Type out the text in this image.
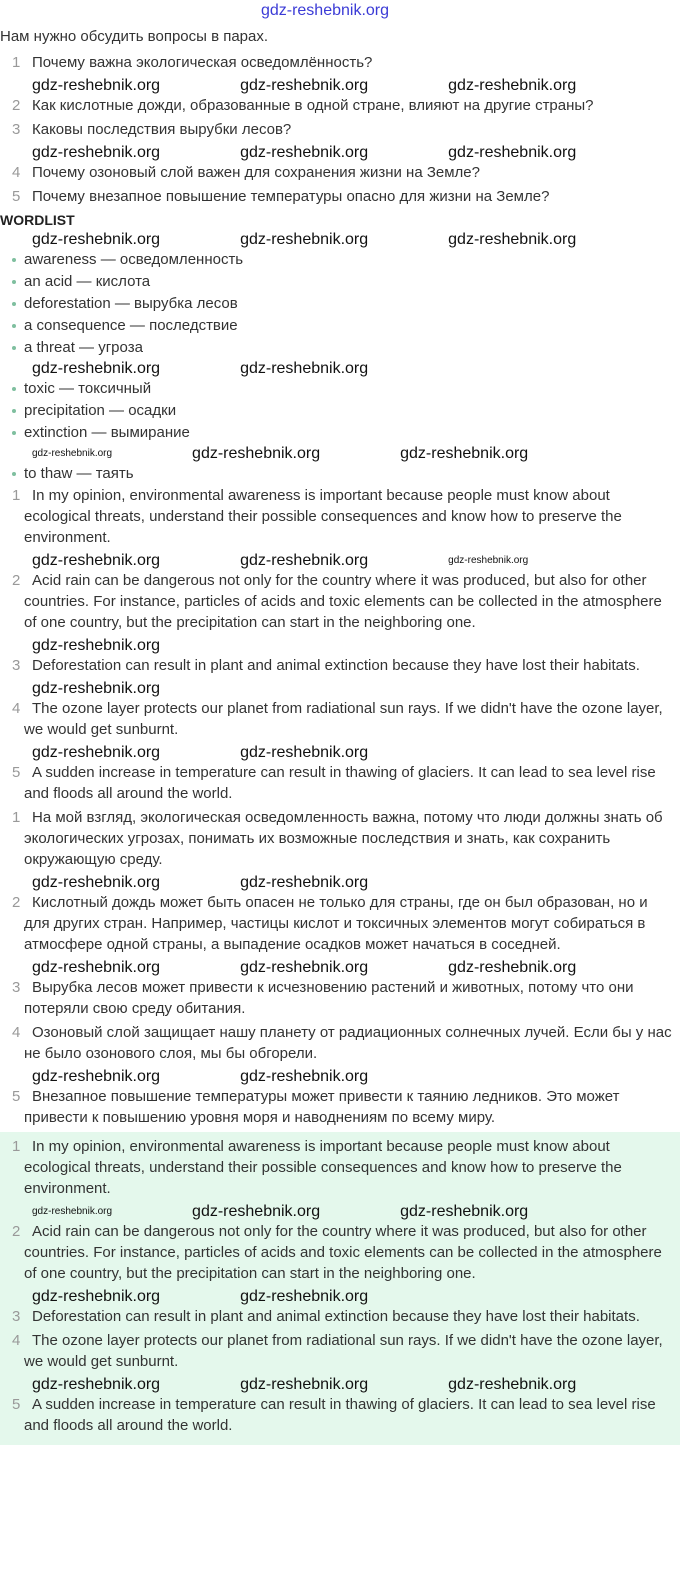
gdz-reshebnik.org
Нам нужно обсудить вопросы в парах.
1 Почему важна экологическая осведомлённость?
gdz-reshebnik.org	gdz-reshebnik.org	gdz-reshebnik.org
2 Как кислотные дожди, образованные в одной стране, влияют на другие страны?
3 Каковы последствия вырубки лесов?
gdz-reshebnik.org	gdz-reshebnik.org	gdz-reshebnik.org
4 Почему озоновый слой важен для сохранения жизни на Земле?
5 Почему внезапное повышение температуры опасно для жизни на Земле?
WORDLIST
gdz-reshebnik.org	gdz-reshebnik.org	gdz-reshebnik.org
awareness — осведомленность
an acid — кислота
deforestation — вырубка лесов
a consequence — последствие
a threat — угроза
gdz-reshebnik.org	gdz-reshebnik.org
toxic — токсичный
precipitation — осадки
extinction — вымирание
gdz-reshebnik.org	gdz-reshebnik.org	gdz-reshebnik.org
to thaw — таять
1 In my opinion, environmental awareness is important because people must know about ecological threats, understand their possible consequences and know how to preserve the environment.
gdz-reshebnik.org	gdz-reshebnik.org	gdz-reshebnik.org
2 Acid rain can be dangerous not only for the country where it was produced, but also for other countries. For instance, particles of acids and toxic elements can be collected in the atmosphere of one country, but the precipitation can start in the neighboring one.
gdz-reshebnik.org
3 Deforestation can result in plant and animal extinction because they have lost their habitats.
gdz-reshebnik.org
4 The ozone layer protects our planet from radiational sun rays. If we didn't have the ozone layer, we would get sunburnt.
gdz-reshebnik.org	gdz-reshebnik.org
5 A sudden increase in temperature can result in thawing of glaciers. It can lead to sea level rise and floods all around the world.
1 На мой взгляд, экологическая осведомленность важна, потому что люди должны знать об экологических угрозах, понимать их возможные последствия и знать, как сохранить окружающую среду.
gdz-reshebnik.org	gdz-reshebnik.org
2 Кислотный дождь может быть опасен не только для страны, где он был образован, но и для других стран. Например, частицы кислот и токсичных элементов могут собираться в атмосфере одной страны, а выпадение осадков может начаться в соседней.
gdz-reshebnik.org	gdz-reshebnik.org	gdz-reshebnik.org
3 Вырубка лесов может привести к исчезновению растений и животных, потому что они потеряли свою среду обитания.
4 Озоновый слой защищает нашу планету от радиационных солнечных лучей. Если бы у нас не было озонового слоя, мы бы обгорели.
gdz-reshebnik.org	gdz-reshebnik.org
5 Внезапное повышение температуры может привести к таянию ледников. Это может привести к повышению уровня моря и наводнениям по всему миру.
1 In my opinion, environmental awareness is important because people must know about ecological threats, understand their possible consequences and know how to preserve the environment.
gdz-reshebnik.org	gdz-reshebnik.org	gdz-reshebnik.org
2 Acid rain can be dangerous not only for the country where it was produced, but also for other countries. For instance, particles of acids and toxic elements can be collected in the atmosphere of one country, but the precipitation can start in the neighboring one.
gdz-reshebnik.org	gdz-reshebnik.org
3 Deforestation can result in plant and animal extinction because they have lost their habitats.
4 The ozone layer protects our planet from radiational sun rays. If we didn't have the ozone layer, we would get sunburnt.
gdz-reshebnik.org	gdz-reshebnik.org	gdz-reshebnik.org
5 A sudden increase in temperature can result in thawing of glaciers. It can lead to sea level rise and floods all around the world.
